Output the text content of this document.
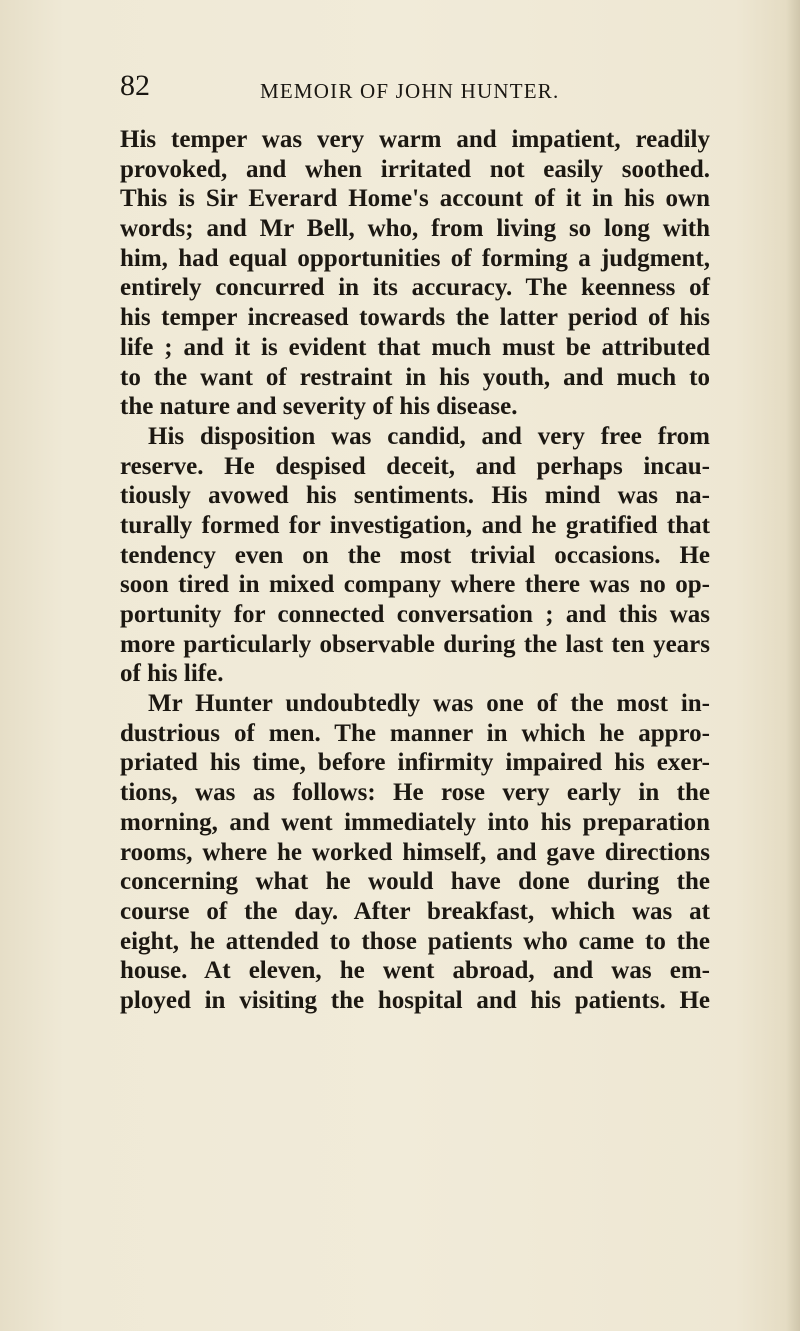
82	MEMOIR OF JOHN HUNTER.
His temper was very warm and impatient, readily
provoked, and when irritated not easily soothed.
This is Sir Everard Home's account of it in his own
words; and Mr Bell, who, from living so long with
him, had equal opportunities of forming a judgment,
entirely concurred in its accuracy. The keenness of
his temper increased towards the latter period of his
life ; and it is evident that much must be attributed
to the want of restraint in his youth, and much to
the nature and severity of his disease.
His disposition was candid, and very free from
reserve. He despised deceit, and perhaps incau-
tiously avowed his sentiments. His mind was na-
turally formed for investigation, and he gratified that
tendency even on the most trivial occasions. He
soon tired in mixed company where there was no op-
portunity for connected conversation ; and this was
more particularly observable during the last ten years
of his life.
Mr Hunter undoubtedly was one of the most in-
dustrious of men. The manner in which he appro-
priated his time, before infirmity impaired his exer-
tions, was as follows: He rose very early in the
morning, and went immediately into his preparation
rooms, where he worked himself, and gave directions
concerning what he would have done during the
course of the day. After breakfast, which was at
eight, he attended to those patients who came to the
house. At eleven, he went abroad, and was em-
ployed in visiting the hospital and his patients. He
